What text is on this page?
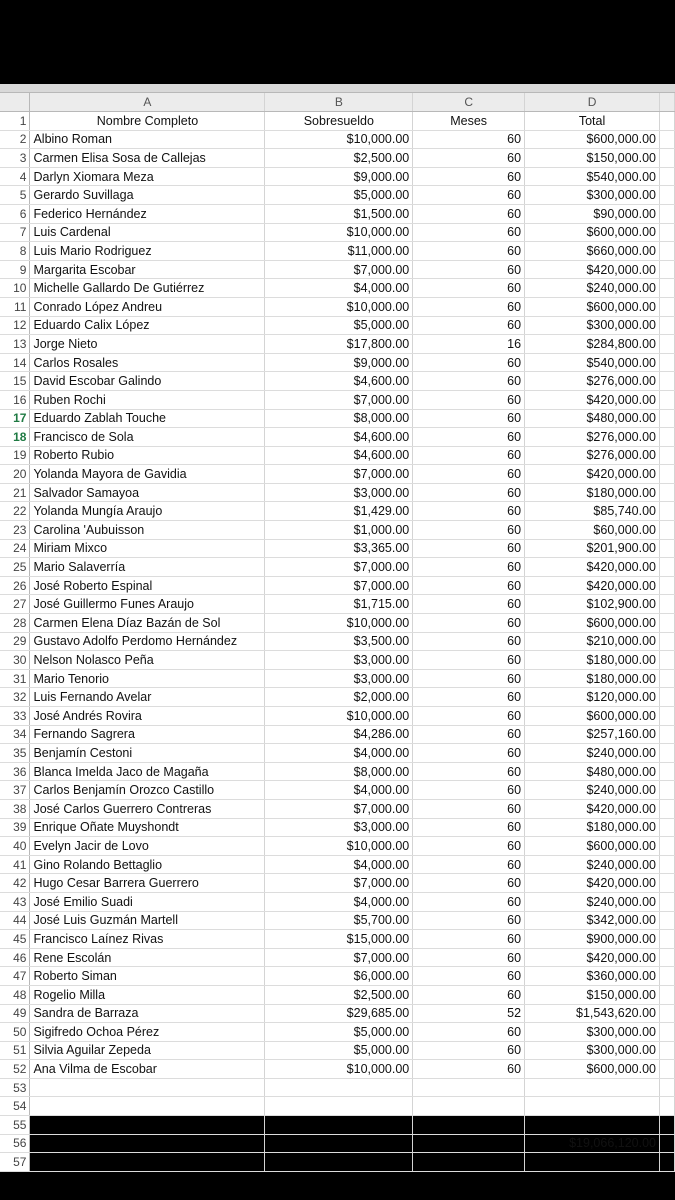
	A	B	C	D	
1	Nombre Completo	Sobresueldo	Meses	Total	
2	Albino Roman	$10,000.00	60	$600,000.00	
3	Carmen Elisa Sosa de Callejas	$2,500.00	60	$150,000.00	
4	Darlyn Xiomara Meza	$9,000.00	60	$540,000.00	
5	Gerardo Suvillaga	$5,000.00	60	$300,000.00	
6	Federico Hernández	$1,500.00	60	$90,000.00	
7	Luis Cardenal	$10,000.00	60	$600,000.00	
8	Luis Mario Rodriguez	$11,000.00	60	$660,000.00	
9	Margarita Escobar	$7,000.00	60	$420,000.00	
10	Michelle Gallardo De Gutiérrez	$4,000.00	60	$240,000.00	
11	Conrado López Andreu	$10,000.00	60	$600,000.00	
12	Eduardo Calix López	$5,000.00	60	$300,000.00	
13	Jorge Nieto	$17,800.00	16	$284,800.00	
14	Carlos Rosales	$9,000.00	60	$540,000.00	
15	David Escobar Galindo	$4,600.00	60	$276,000.00	
16	Ruben Rochi	$7,000.00	60	$420,000.00	
17	Eduardo Zablah Touche	$8,000.00	60	$480,000.00	
18	Francisco de Sola	$4,600.00	60	$276,000.00	
19	Roberto Rubio	$4,600.00	60	$276,000.00	
20	Yolanda Mayora de Gavidia	$7,000.00	60	$420,000.00	
21	Salvador Samayoa	$3,000.00	60	$180,000.00	
22	Yolanda Mungía Araujo	$1,429.00	60	$85,740.00	
23	Carolina 'Aubuisson	$1,000.00	60	$60,000.00	
24	Miriam Mixco	$3,365.00	60	$201,900.00	
25	Mario Salaverría	$7,000.00	60	$420,000.00	
26	José Roberto Espinal	$7,000.00	60	$420,000.00	
27	José Guillermo Funes Araujo	$1,715.00	60	$102,900.00	
28	Carmen Elena Díaz Bazán de Sol	$10,000.00	60	$600,000.00	
29	Gustavo Adolfo Perdomo Hernández	$3,500.00	60	$210,000.00	
30	Nelson Nolasco Peña	$3,000.00	60	$180,000.00	
31	Mario Tenorio	$3,000.00	60	$180,000.00	
32	Luis Fernando Avelar	$2,000.00	60	$120,000.00	
33	José Andrés Rovira	$10,000.00	60	$600,000.00	
34	Fernando Sagrera	$4,286.00	60	$257,160.00	
35	Benjamín Cestoni	$4,000.00	60	$240,000.00	
36	Blanca Imelda Jaco de Magaña	$8,000.00	60	$480,000.00	
37	Carlos Benjamín Orozco Castillo	$4,000.00	60	$240,000.00	
38	José Carlos Guerrero Contreras	$7,000.00	60	$420,000.00	
39	Enrique Oñate Muyshondt	$3,000.00	60	$180,000.00	
40	Evelyn Jacir de Lovo	$10,000.00	60	$600,000.00	
41	Gino Rolando Bettaglio	$4,000.00	60	$240,000.00	
42	Hugo Cesar Barrera Guerrero	$7,000.00	60	$420,000.00	
43	José Emilio Suadi	$4,000.00	60	$240,000.00	
44	José Luis Guzmán Martell	$5,700.00	60	$342,000.00	
45	Francisco Laínez Rivas	$15,000.00	60	$900,000.00	
46	Rene Escolán	$7,000.00	60	$420,000.00	
47	Roberto Siman	$6,000.00	60	$360,000.00	
48	Rogelio Milla	$2,500.00	60	$150,000.00	
49	Sandra de Barraza	$29,685.00	52	$1,543,620.00	
50	Sigifredo Ochoa Pérez	$5,000.00	60	$300,000.00	
51	Silvia Aguilar Zepeda	$5,000.00	60	$300,000.00	
52	Ana Vilma de Escobar	$10,000.00	60	$600,000.00	
53					
54					
55					
56				$19,066,120.00	
57					
